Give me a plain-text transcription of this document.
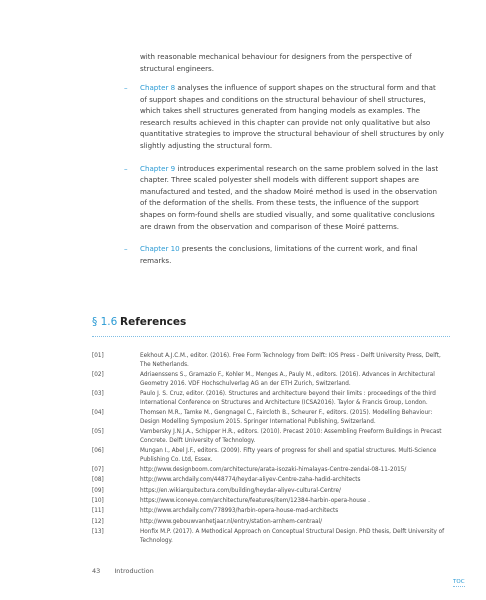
with reasonable mechanical behaviour for designers from the perspective of structural engineers.

– Chapter 8 analyses the influence of support shapes on the structural form and that of support shapes and conditions on the structural behaviour of shell structures, which takes shell structures generated from hanging models as examples. The research results achieved in this chapter can provide not only qualitative but also quantitative strategies to improve the structural behaviour of shell structures by only slightly adjusting the structural form.
– Chapter 9 introduces experimental research on the same problem solved in the last chapter. Three scaled polyester shell models with different support shapes are manufactured and tested, and the shadow Moiré method is used in the observation of the deformation of the shells. From these tests, the influence of the support shapes on form-found shells are studied visually, and some qualitative conclusions are drawn from the observation and comparison of these Moiré patterns.
– Chapter 10 presents the conclusions, limitations of the current work, and final remarks.
§ 1.6 References
[01]	Eekhout A.J.C.M., editor. (2016). Free Form Technology from Delft: IOS Press - Delft University Press, Delft, The Netherlands.
[02]	Adriaenssens S., Gramazio F., Kohler M., Menges A., Pauly M., editors. (2016). Advances in Architectural Geometry 2016. VDF Hochschulverlag AG an der ETH Zurich, Switzerland.
[03]	Paulo J. S. Cruz, editor. (2016). Structures and architecture beyond their limits : proceedings of the third International Conference on Structures and Architecture (ICSA2016). Taylor & Francis Group, London.
[04]	Thomsen M.R., Tamke M., Gengnagel C., Faircloth B., Scheurer F., editors. (2015). Modelling Behaviour: Design Modelling Symposium 2015. Springer International Publishing, Switzerland.
[05]	Vambersky J.N.J.A., Schipper H.R., editors. (2010). Precast 2010: Assembling Freeform Buildings in Precast Concrete. Delft University of Technology.
[06]	Mungan I., Abel J.F., editors. (2009). Fifty years of progress for shell and spatial structures. Multi-Science Publishing Co. Ltd, Essex.
[07]	http://www.designboom.com/architecture/arata-isozaki-himalayas-Centre-zendai-08-11-2015/
[08]	http://www.archdaily.com/448774/heydar-aliyev-Centre-zaha-hadid-architects
[09]	https://en.wikiarquitectura.com/building/heydar-aliyev-cultural-Centre/
[10]	https://www.iconeye.com/architecture/features/item/12384-harbin-opera-house .
[11]	http://www.archdaily.com/778993/harbin-opera-house-mad-architects
[12]	http://www.gebouwvanhetjaar.nl/entry/station-arnhem-centraal/
[13]	Honfix M.P. (2017). A Methodical Approach on Conceptual Structural Design. PhD thesis, Delft University of Technology.
43 Introduction
TOC
